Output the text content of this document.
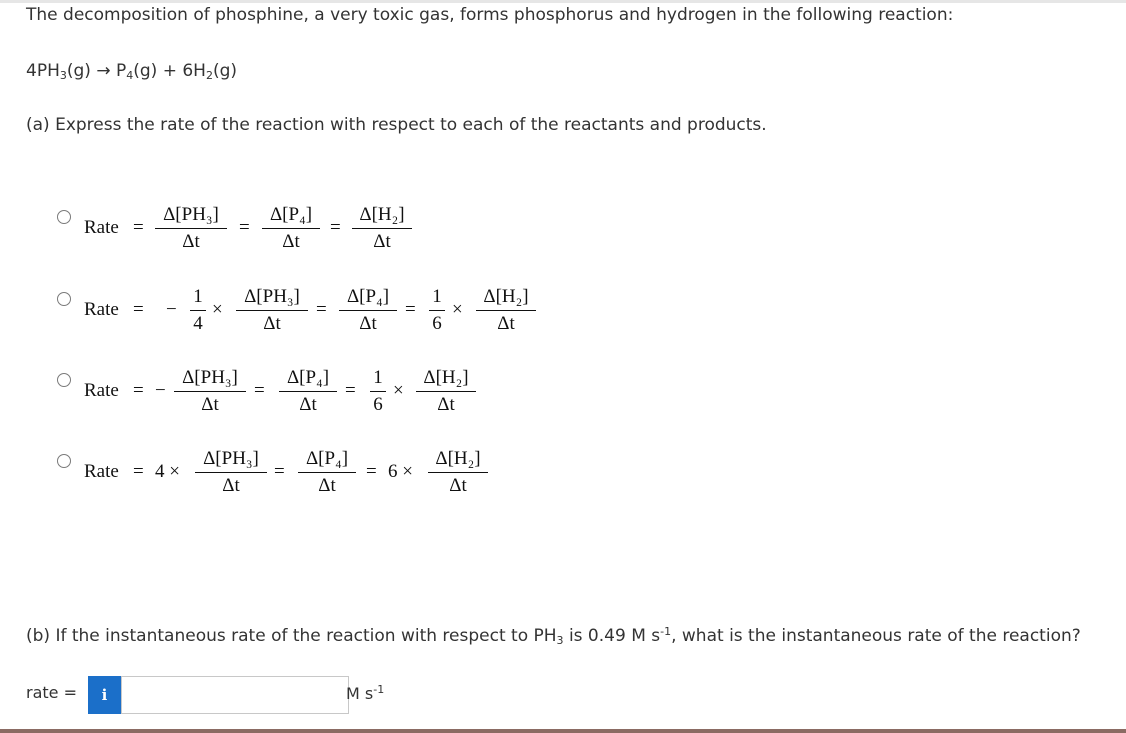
The decomposition of phosphine, a very toxic gas, forms phosphorus and hydrogen in the following reaction:
$4PH_3(g) \to P_4(g) + 6H_2(g)$
(a) Express the rate of the reaction with respect to each of the reactants and products.
Rate =
Δ[PH₃]
Δt
=
Δ[P₄]
Δt
=
Δ[H₂]
Δt
Rate = −
1
4
×
Δ[PH₃]
Δt
=
Δ[P₄]
Δt
=
1
6
×
Δ[H₂]
Δt
Rate = −
Δ[PH₃]
Δt
=
Δ[P₄]
Δt
=
1
6
×
Δ[H₂]
Δt
Rate = 4 ×
Δ[PH₃]
Δt
=
Δ[P₄]
Δt
= 6 ×
Δ[H₂]
Δt
(b) If the instantaneous rate of the reaction with respect to $PH_3$ is 0.49 M $s^{-1}$, what is the instantaneous rate of the reaction?
rate =	i	M $s^{-1}$
